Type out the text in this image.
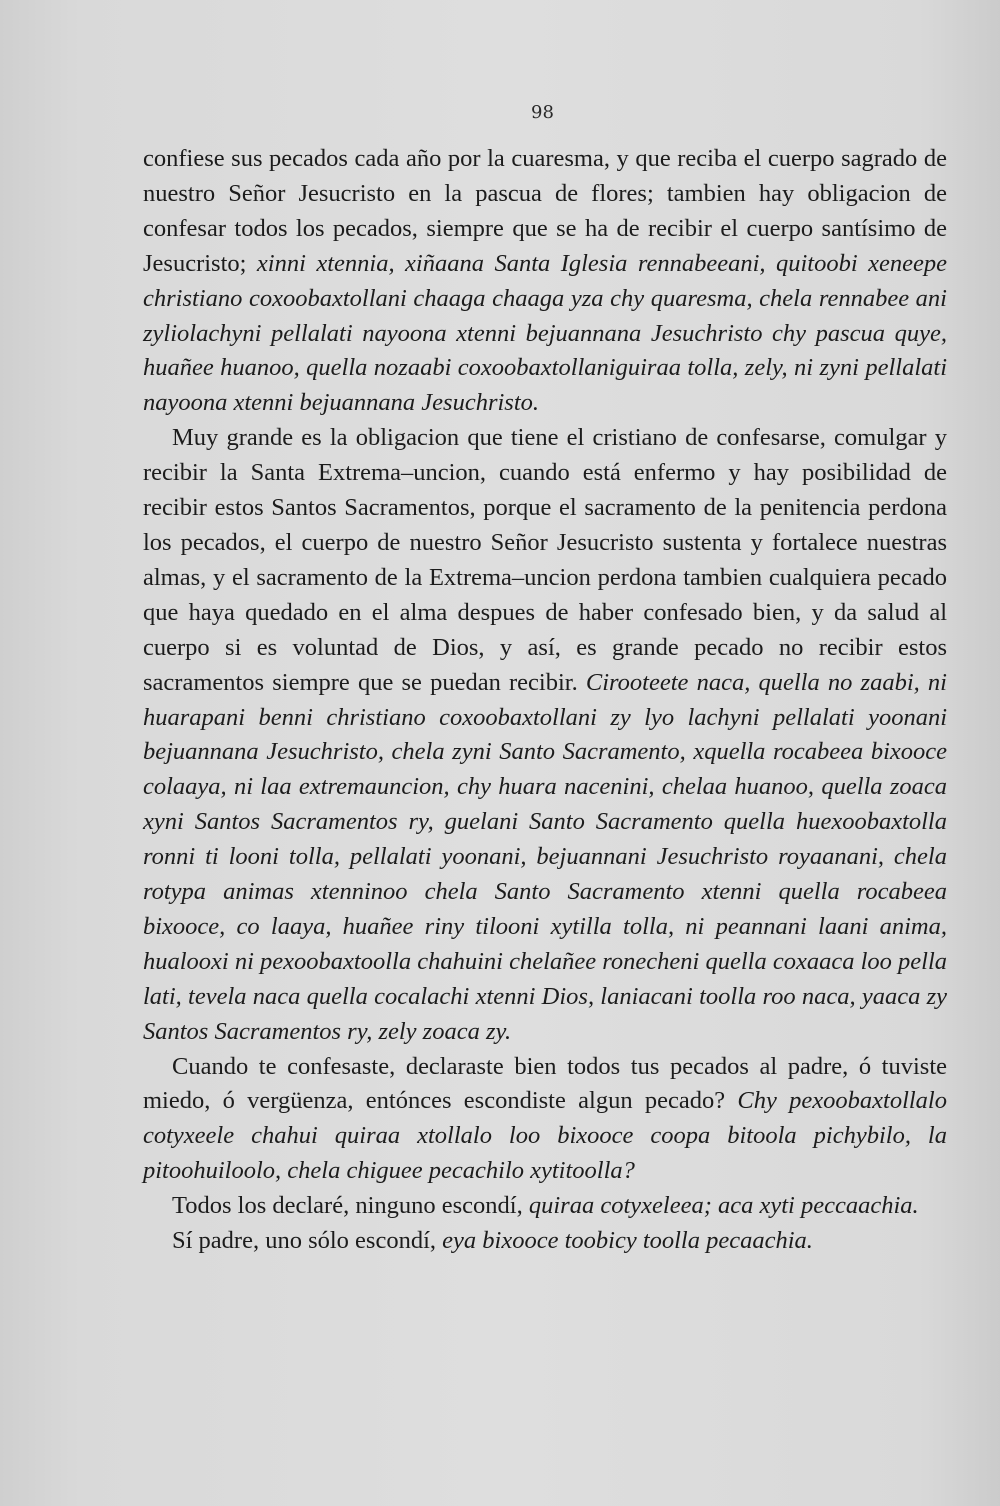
98

confiese sus pecados cada año por la cuaresma, y que reciba el cuerpo sagrado de nuestro Señor Jesucristo en la pascua de flores; tambien hay obligacion de confesar todos los pecados, siempre que se ha de recibir el cuerpo santísimo de Jesucristo; xinni xtennia, xiñaana Santa Iglesia rennabeeani, quitoobi xeneepe christiano coxoobaxtollani chaaga chaaga yza chy quaresma, chela rennabee ani zyliolachyni pellalati nayoona xtenni bejuannana Jesuchristo chy pascua quye, huañee huanoo, quella nozaabi coxoobaxtollaniguiraa tolla, zely, ni zyni pellalati nayoona xtenni bejuannana Jesuchristo.

Muy grande es la obligacion que tiene el cristiano de confesarse, comulgar y recibir la Santa Extrema–uncion, cuando está enfermo y hay posibilidad de recibir estos Santos Sacramentos, porque el sacramento de la penitencia perdona los pecados, el cuerpo de nuestro Señor Jesucristo sustenta y fortalece nuestras almas, y el sacramento de la Extrema–uncion perdona tambien cualquiera pecado que haya quedado en el alma despues de haber confesado bien, y da salud al cuerpo si es voluntad de Dios, y así, es grande pecado no recibir estos sacramentos siempre que se puedan recibir. Cirooteete naca, quella no zaabi, ni huarapani benni christiano coxoobaxtollani zy lyo lachyni pellalati yoonani bejuannana Jesuchristo, chela zyni Santo Sacramento, xquella rocabeea bixooce colaaya, ni laa extremauncion, chy huara nacenini, chelaa huanoo, quella zoaca xyni Santos Sacramentos ry, guelani Santo Sacramento quella huexoobaxtolla ronni ti looni tolla, pellalati yoonani, bejuannani Jesuchristo royaanani, chela rotypa animas xtenninoo chela Santo Sacramento xtenni quella rocabeea bixooce, co laaya, huañee riny tilooni xytilla tolla, ni peannani laani anima, hualooxi ni pexoobaxtoolla chahuini chelañee ronecheni quella coxaaca loo pella lati, tevela naca quella cocalachi xtenni Dios, laniacani toolla roo naca, yaaca zy Santos Sacramentos ry, zely zoaca zy.

Cuando te confesaste, declaraste bien todos tus pecados al padre, ó tuviste miedo, ó vergüenza, entónces escondiste algun pecado? Chy pexoobaxtollalo cotyxeele chahui quiraa xtollalo loo bixooce coopa bitoola pichybilo, la pitoohuiloolo, chela chiguee pecachilo xytitoolla?

Todos los declaré, ninguno escondí, quiraa cotyxeleea; aca xyti peccaachia.

Sí padre, uno sólo escondí, eya bixooce toobicy toolla pecaachia.
